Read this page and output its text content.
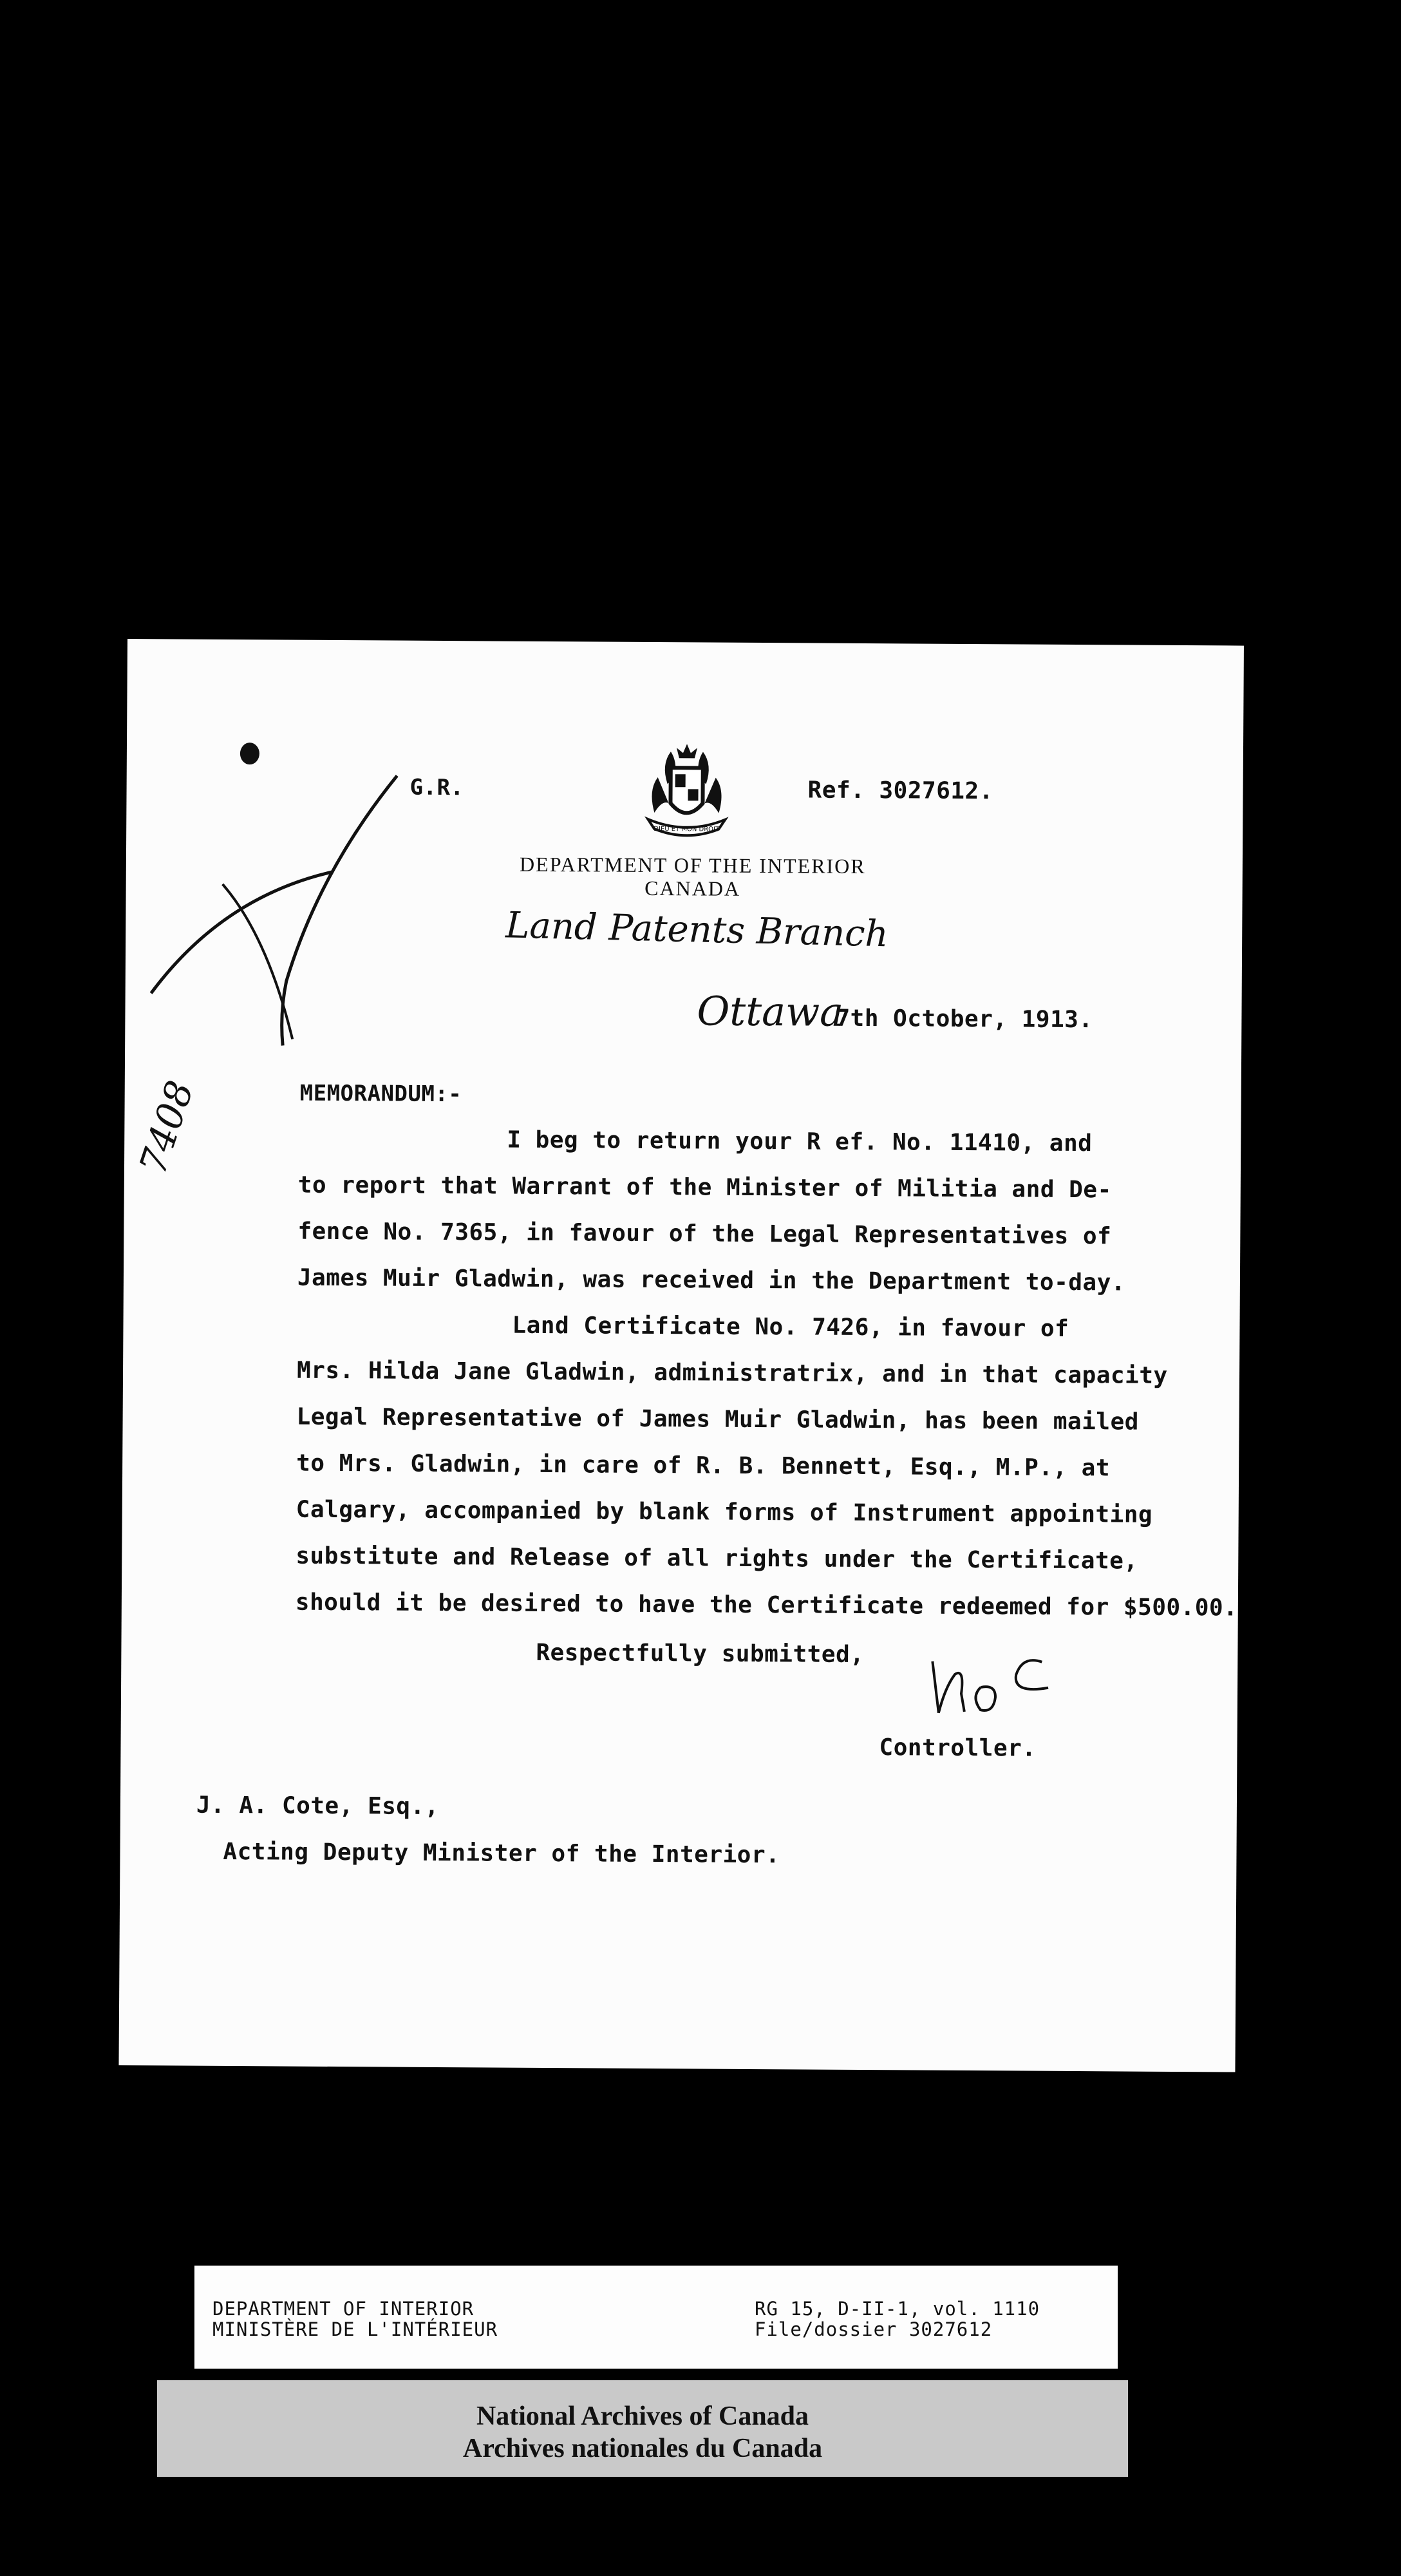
G.R.	Ref. 3027612.
DIEU ET MON DROIT
DEPARTMENT OF THE INTERIOR
CANADA
Land Patents Branch
Ottawa
7th October, 1913.
MEMORANDUM:-
I beg to return your R ef. No. 11410, and
to report that Warrant of the Minister of Militia and De-
fence No. 7365, in favour of the Legal Representatives of
James Muir Gladwin, was received in the Department to-day.
Land Certificate No. 7426, in favour of
Mrs. Hilda Jane Gladwin, administratrix, and in that capacity
Legal Representative of James Muir Gladwin, has been mailed
to Mrs. Gladwin, in care of R. B. Bennett, Esq., M.P., at
Calgary, accompanied by blank forms of Instrument appointing
substitute and Release of all rights under the Certificate,
should it be desired to have the Certificate redeemed for $500.00.
Respectfully submitted,
Controller.
J. A. Cote, Esq.,
Acting Deputy Minister of the Interior.
7408
DEPARTMENT OF INTERIOR
MINISTÈRE DE L'INTÉRIEUR
RG 15, D-II-1, vol. 1110
File/dossier 3027612
National Archives of Canada
Archives nationales du Canada
